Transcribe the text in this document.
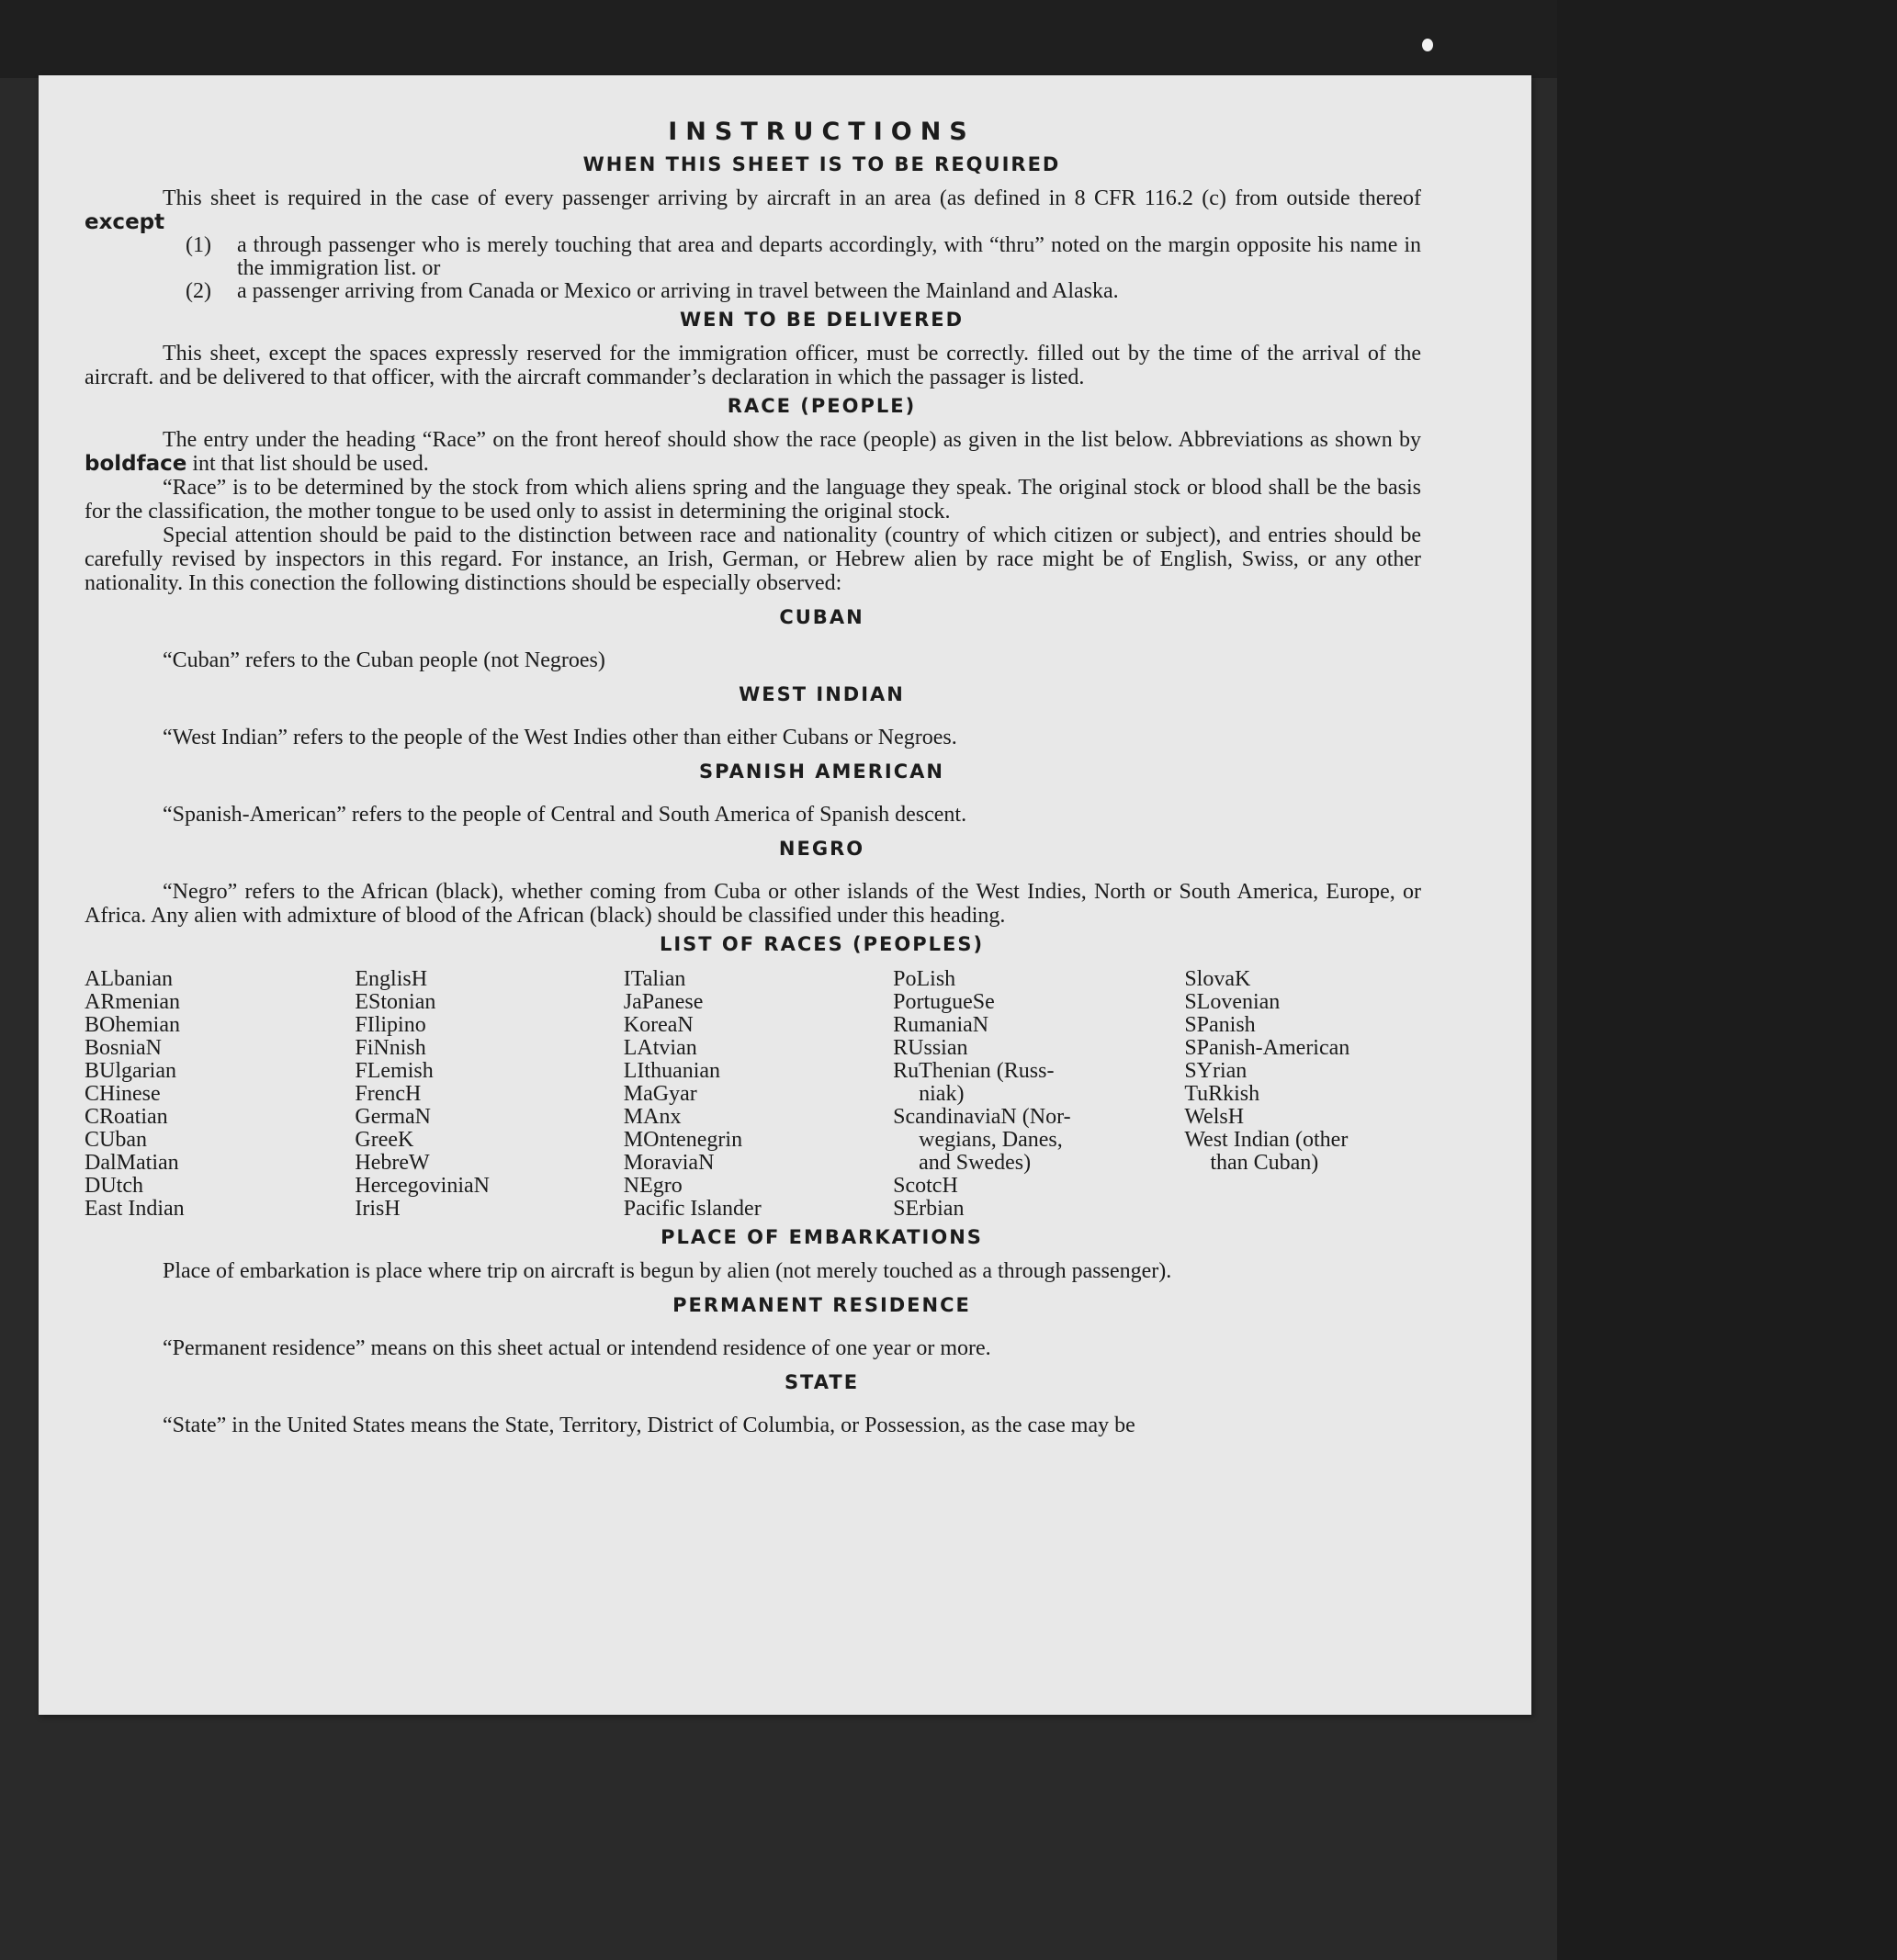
INSTRUCTIONS
WHEN THIS SHEET IS TO BE REQUIRED

This sheet is required in the case of every passenger arriving by aircraft in an area (as defined in 8 CFR 116.2 (c) from outside thereof except

(1)	a through passenger who is merely touching that area and departs accordingly, with “thru” noted on the margin opposite his name in the immigration list. or
(2)	a passenger arriving from Canada or Mexico or arriving in travel between the Mainland and Alaska.
WEN TO BE DELIVERED

This sheet, except the spaces expressly reserved for the immigration officer, must be correctly. filled out by the time of the arrival of the aircraft. and be delivered to that officer, with the aircraft commander’s declaration in which the passager is listed.

RACE (PEOPLE)

The entry under the heading “Race” on the front hereof should show the race (people) as given in the list below. Abbreviations as shown by boldface int that list should be used.

“Race” is to be determined by the stock from which aliens spring and the language they speak. The original stock or blood shall be the basis for the classification, the mother tongue to be used only to assist in determining the original stock.

Special attention should be paid to the distinction between race and nationality (country of which citizen or subject), and entries should be carefully revised by inspectors in this regard. For instance, an Irish, German, or Hebrew alien by race might be of English, Swiss, or any other nationality. In this conection the following distinctions should be especially observed:

CUBAN

“Cuban” refers to the Cuban people (not Negroes)

WEST INDIAN

“West Indian” refers to the people of the West Indies other than either Cubans or Negroes.

SPANISH AMERICAN

“Spanish-American” refers to the people of Central and South America of Spanish descent.

NEGRO

“Negro” refers to the African (black), whether coming from Cuba or other islands of the West Indies, North or South America, Europe, or Africa. Any alien with admixture of blood of the African (black) should be classified under this heading.

LIST OF RACES (PEOPLES)
ALbanian
ARmenian
BOhemian
BosniaN
BUlgarian
CHinese
CRoatian
CUban
DalMatian
DUtch
East Indian
EnglisH
EStonian
FIlipino
FiNnish
FLemish
FrencH
GermaN
GreeK
HebreW
HercegoviniaN
IrisH
ITalian
JaPanese
KoreaN
LAtvian
LIthuanian
MaGyar
MAnx
MOntenegrin
MoraviaN
NEgro
Pacific Islander
PoLish
PortugueSe
RumaniaN
RUssian
RuThenian (Russ-
niak)
ScandinaviaN (Nor-
wegians, Danes,
and Swedes)
ScotcH
SErbian
SlovaK
SLovenian
SPanish
SPanish-American
SYrian
TuRkish
WelsH
West Indian (other
than Cuban)
PLACE OF EMBARKATIONS

Place of embarkation is place where trip on aircraft is begun by alien (not merely touched as a through passenger).

PERMANENT RESIDENCE

“Permanent residence” means on this sheet actual or intendend residence of one year or more.

STATE

“State” in the United States means the State, Territory, District of Columbia, or Possession, as the case may be
